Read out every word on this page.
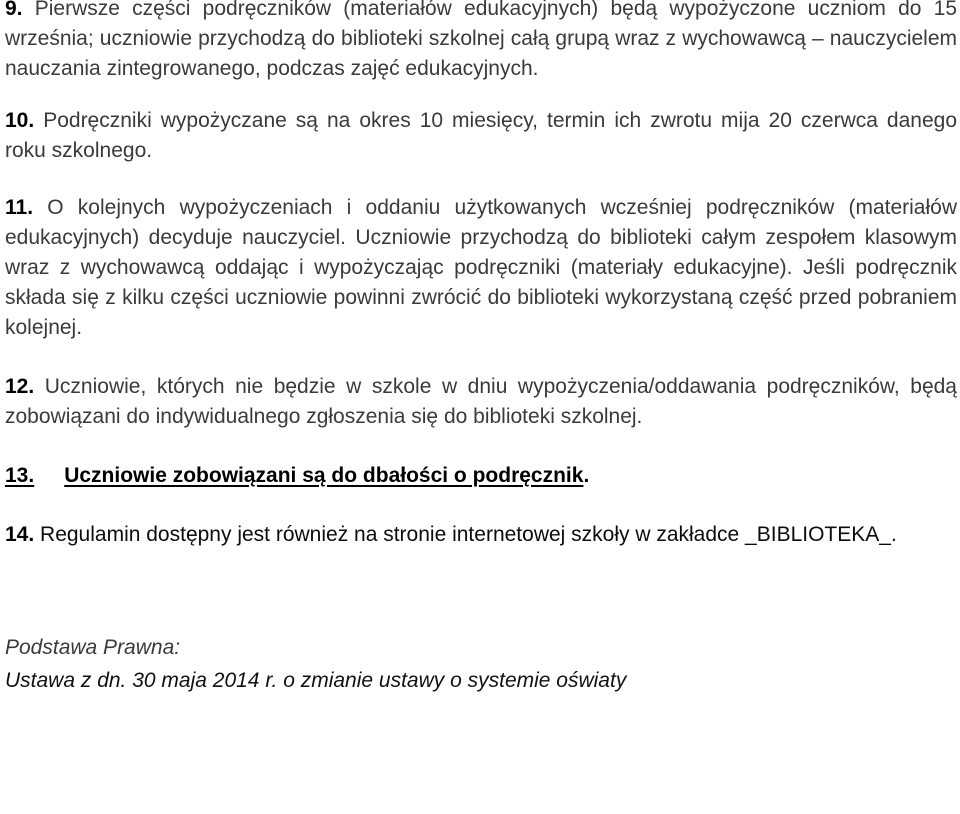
9. Pierwsze części podręczników (materiałów edukacyjnych) będą wypożyczone uczniom do 15 września; uczniowie przychodzą do biblioteki szkolnej całą grupą wraz z wychowawcą – nauczycielem nauczania zintegrowanego, podczas zajęć edukacyjnych.

10. Podręczniki wypożyczane są na okres 10 miesięcy, termin ich zwrotu mija 20 czerwca danego roku szkolnego.

11. O kolejnych wypożyczeniach i oddaniu użytkowanych wcześniej podręczników (materiałów edukacyjnych) decyduje nauczyciel. Uczniowie przychodzą do biblioteki całym zespołem klasowym wraz z wychowawcą oddając i wypożyczając podręczniki (materiały edukacyjne). Jeśli podręcznik składa się z kilku części uczniowie powinni zwrócić do biblioteki wykorzystaną część przed pobraniem kolejnej.

12. Uczniowie, których nie będzie w szkole w dniu wypożyczenia/oddawania podręczników, będą zobowiązani do indywidualnego zgłoszenia się do biblioteki szkolnej.

13. Uczniowie zobowiązani są do dbałości o podręcznik.

14. Regulamin dostępny jest również na stronie internetowej szkoły w zakładce _BIBLIOTEKA_.

Podstawa Prawna:
Ustawa z dn. 30 maja 2014 r. o zmianie ustawy o systemie oświaty
